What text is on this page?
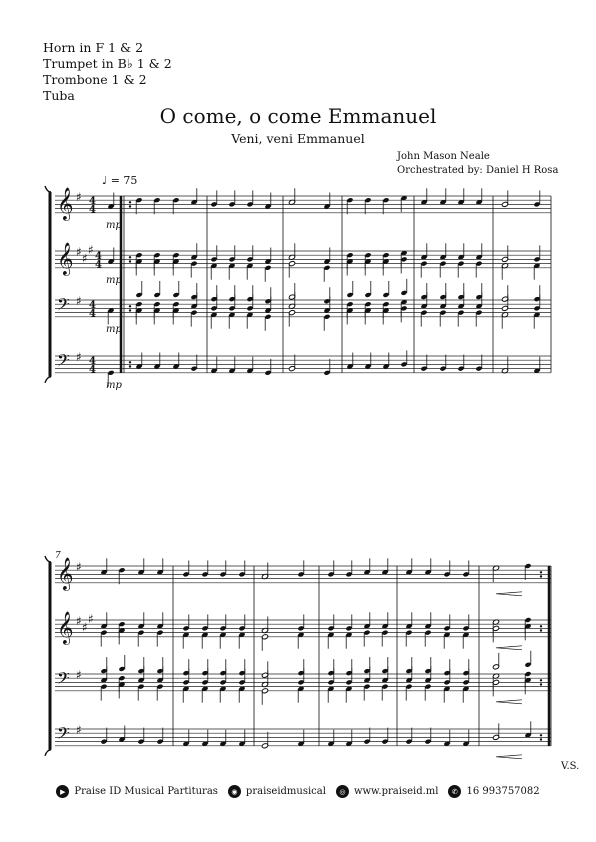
Horn in F 1 & 2
Trumpet in B♭ 1 & 2
Trombone 1 & 2
Tuba
O come, o come Emmanuel
Veni, veni Emmanuel
John Mason Neale
Orchestrated by: Daniel H Rosa
♩ = 75
𝄞 ♯ 4
4
𝄞 ♯ ♯
♯ 4
4
𝄢 ♯ 4
4
𝄢 ♯ 4
4
mp
mp
mp
mp
7
𝄞 ♯
𝄞 ♯ ♯
♯
𝄢 ♯
𝄢 ♯
V.S.
▶ Praise ID Musical Partituras	◉ praiseidmusical	◎ www.praiseid.ml	✆ 16 993757082
